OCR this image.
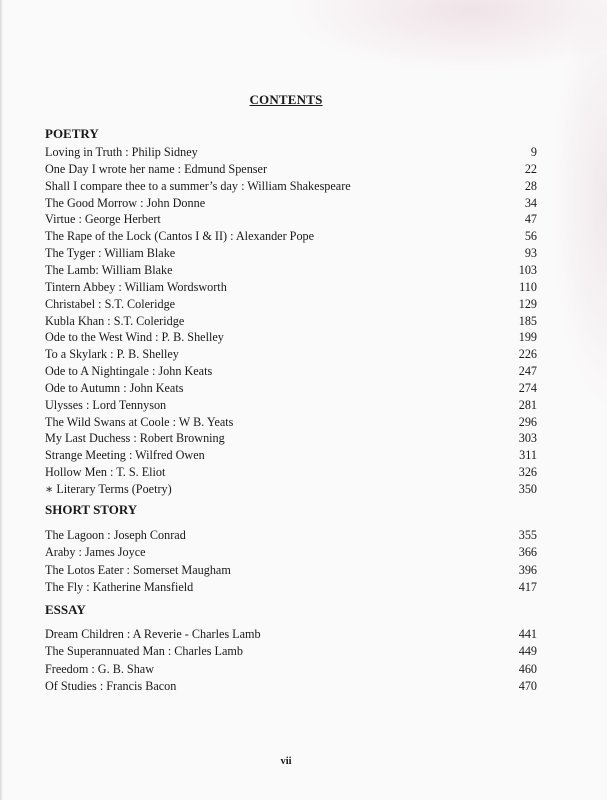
CONTENTS
POETRY
Loving in Truth : Philip Sidney	9
One Day I wrote her name : Edmund Spenser	22
Shall I compare thee to a summer’s day : William Shakespeare	28
The Good Morrow : John Donne	34
Virtue : George Herbert	47
The Rape of the Lock (Cantos I & II) : Alexander Pope	56
The Tyger : William Blake	93
The Lamb: William Blake	103
Tintern Abbey : William Wordsworth	110
Christabel : S.T. Coleridge	129
Kubla Khan : S.T. Coleridge	185
Ode to the West Wind : P. B. Shelley	199
To a Skylark : P. B. Shelley	226
Ode to A Nightingale : John Keats	247
Ode to Autumn : John Keats	274
Ulysses : Lord Tennyson	281
The Wild Swans at Coole : W B. Yeats	296
My Last Duchess : Robert Browning	303
Strange Meeting : Wilfred Owen	311
Hollow Men : T. S. Eliot	326
∗ Literary Terms (Poetry)	350
SHORT STORY
The Lagoon : Joseph Conrad	355
Araby : James Joyce	366
The Lotos Eater : Somerset Maugham	396
The Fly : Katherine Mansfield	417
ESSAY
Dream Children : A Reverie - Charles Lamb	441
The Superannuated Man : Charles Lamb	449
Freedom : G. B. Shaw	460
Of Studies : Francis Bacon	470
vii
